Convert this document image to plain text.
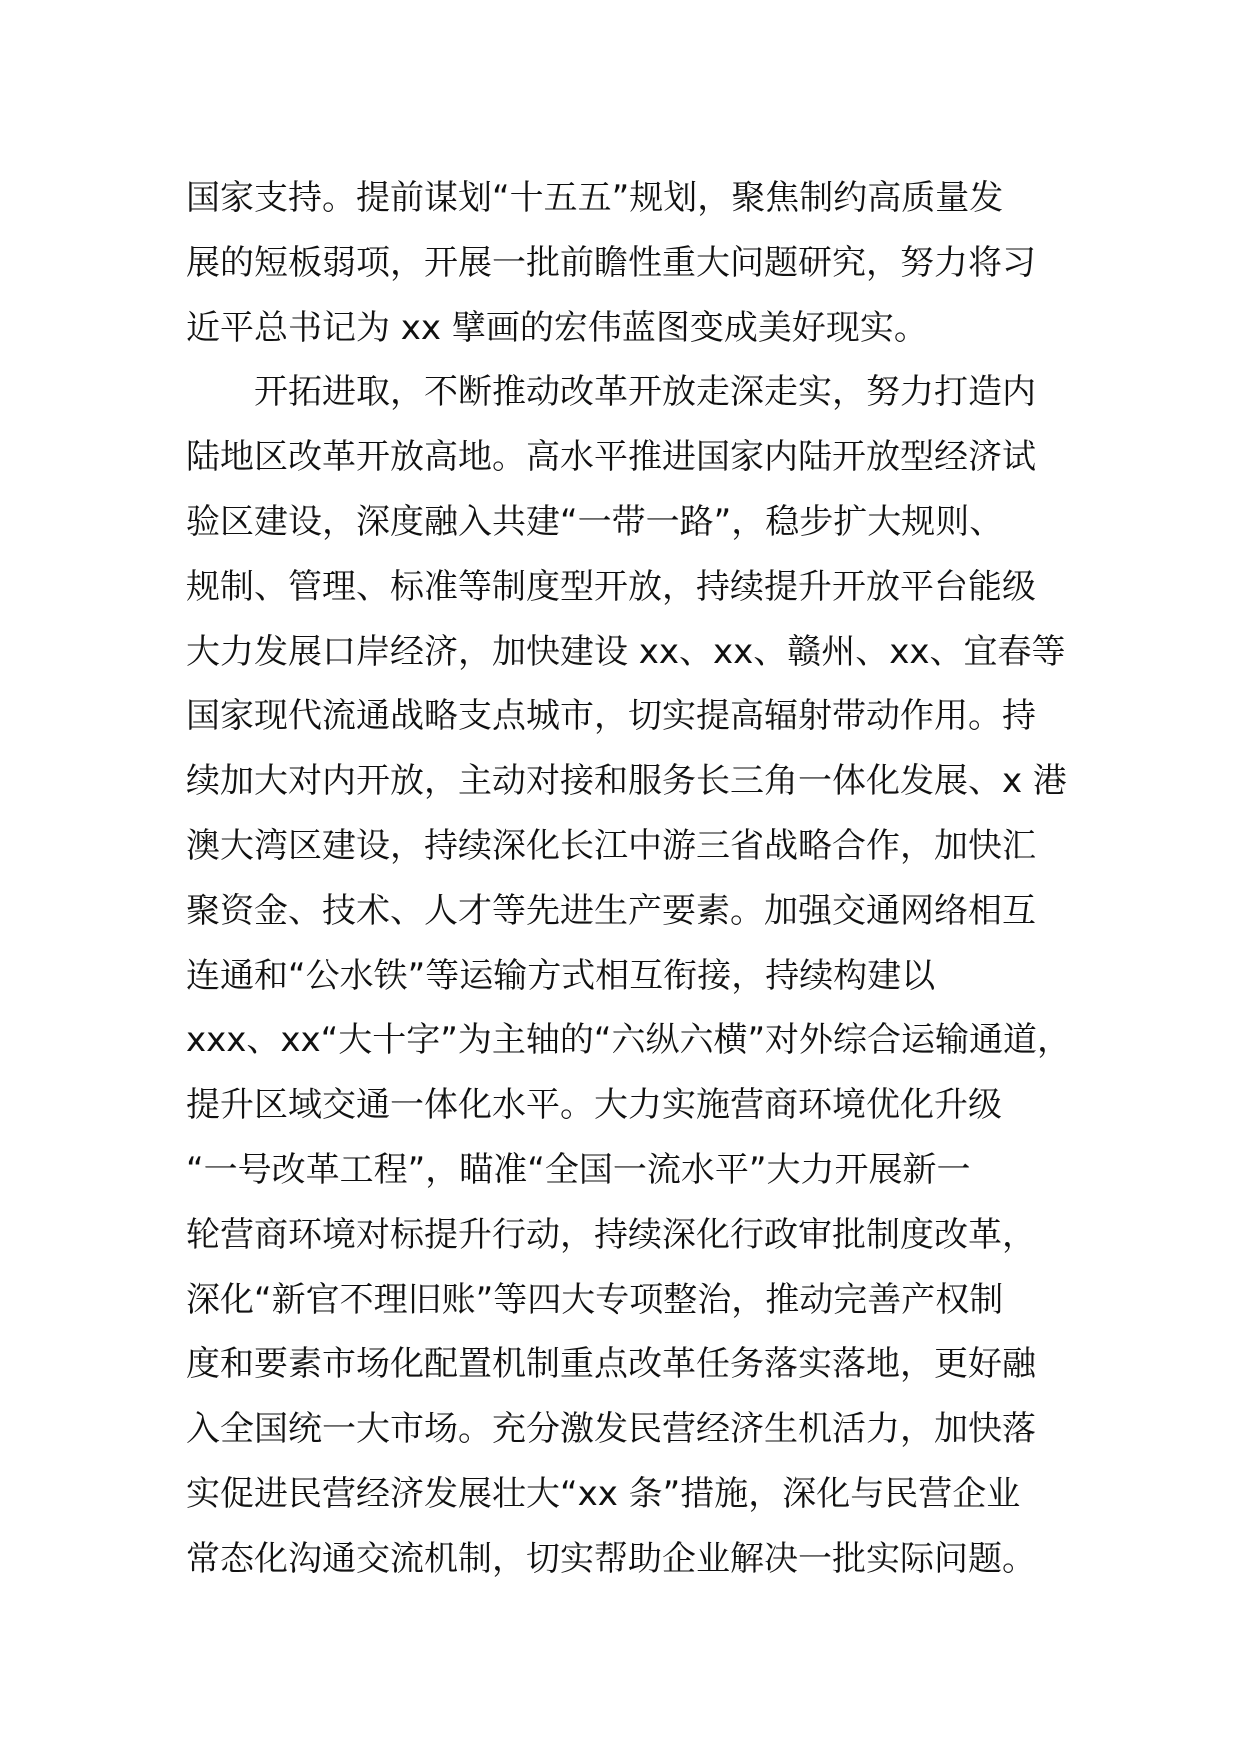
国家支持。提前谋划“十五五”规划，聚焦制约高质量发
展的短板弱项，开展一批前瞻性重大问题研究，努力将习
近平总书记为 xx 擘画的宏伟蓝图变成美好现实。
开拓进取，不断推动改革开放走深走实，努力打造内
陆地区改革开放高地。高水平推进国家内陆开放型经济试
验区建设，深度融入共建“一带一路”，稳步扩大规则、
规制、管理、标准等制度型开放，持续提升开放平台能级
大力发展口岸经济，加快建设 xx、xx、赣州、xx、宜春等
国家现代流通战略支点城市，切实提高辐射带动作用。持
续加大对内开放，主动对接和服务长三角一体化发展、x 港
澳大湾区建设，持续深化长江中游三省战略合作，加快汇
聚资金、技术、人才等先进生产要素。加强交通网络相互
连通和“公水铁”等运输方式相互衔接，持续构建以
xxx、xx“大十字”为主轴的“六纵六横”对外综合运输通道，
提升区域交通一体化水平。大力实施营商环境优化升级
“一号改革工程”，瞄准“全国一流水平”大力开展新一
轮营商环境对标提升行动，持续深化行政审批制度改革，
深化“新官不理旧账”等四大专项整治，推动完善产权制
度和要素市场化配置机制重点改革任务落实落地，更好融
入全国统一大市场。充分激发民营经济生机活力，加快落
实促进民营经济发展壮大“xx 条”措施，深化与民营企业
常态化沟通交流机制，切实帮助企业解决一批实际问题。
